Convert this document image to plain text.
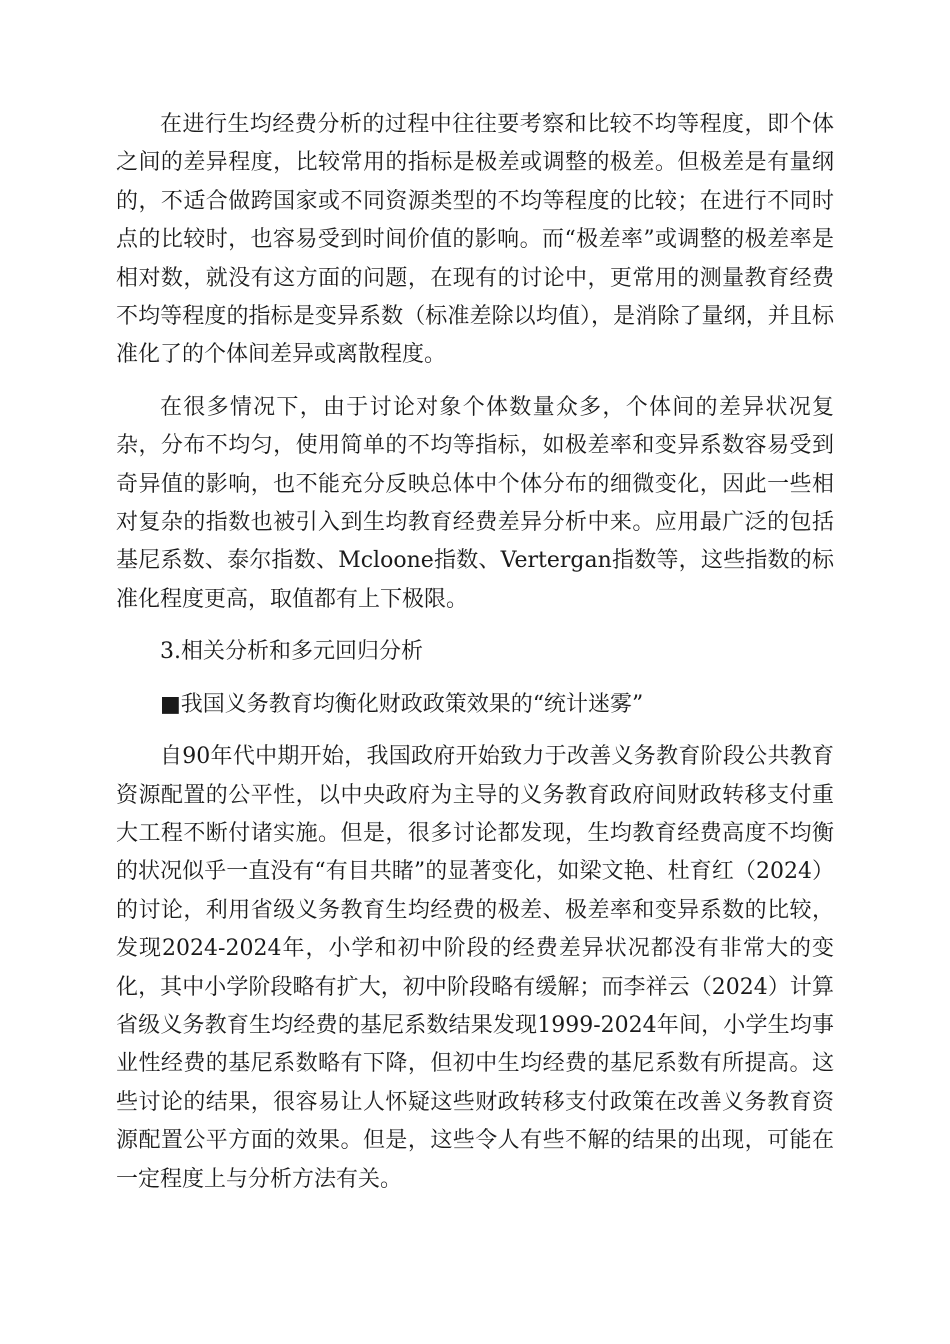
在进行生均经费分析的过程中往往要考察和比较不均等程度，即个体之间的差异程度，比较常用的指标是极差或调整的极差。但极差是有量纲的，不适合做跨国家或不同资源类型的不均等程度的比较；在进行不同时点的比较时，也容易受到时间价值的影响。而“极差率”或调整的极差率是相对数，就没有这方面的问题，在现有的讨论中，更常用的测量教育经费不均等程度的指标是变异系数（标准差除以均值），是消除了量纲，并且标准化了的个体间差异或离散程度。

在很多情况下，由于讨论对象个体数量众多，个体间的差异状况复杂，分布不均匀，使用简单的不均等指标，如极差率和变异系数容易受到奇异值的影响，也不能充分反映总体中个体分布的细微变化，因此一些相对复杂的指数也被引入到生均教育经费差异分析中来。应用最广泛的包括基尼系数、泰尔指数、Mcloone指数、Vertergan指数等，这些指数的标准化程度更高，取值都有上下极限。

3.相关分析和多元回归分析

■我国义务教育均衡化财政政策效果的“统计迷雾”

自90年代中期开始，我国政府开始致力于改善义务教育阶段公共教育资源配置的公平性，以中央政府为主导的义务教育政府间财政转移支付重大工程不断付诸实施。但是，很多讨论都发现，生均教育经费高度不均衡的状况似乎一直没有“有目共睹”的显著变化，如梁文艳、杜育红（2024）的讨论，利用省级义务教育生均经费的极差、极差率和变异系数的比较，发现2024-2024年，小学和初中阶段的经费差异状况都没有非常大的变化，其中小学阶段略有扩大，初中阶段略有缓解；而李祥云（2024）计算省级义务教育生均经费的基尼系数结果发现1999-2024年间，小学生均事业性经费的基尼系数略有下降，但初中生均经费的基尼系数有所提高。这些讨论的结果，很容易让人怀疑这些财政转移支付政策在改善义务教育资源配置公平方面的效果。但是，这些令人有些不解的结果的出现，可能在一定程度上与分析方法有关。
